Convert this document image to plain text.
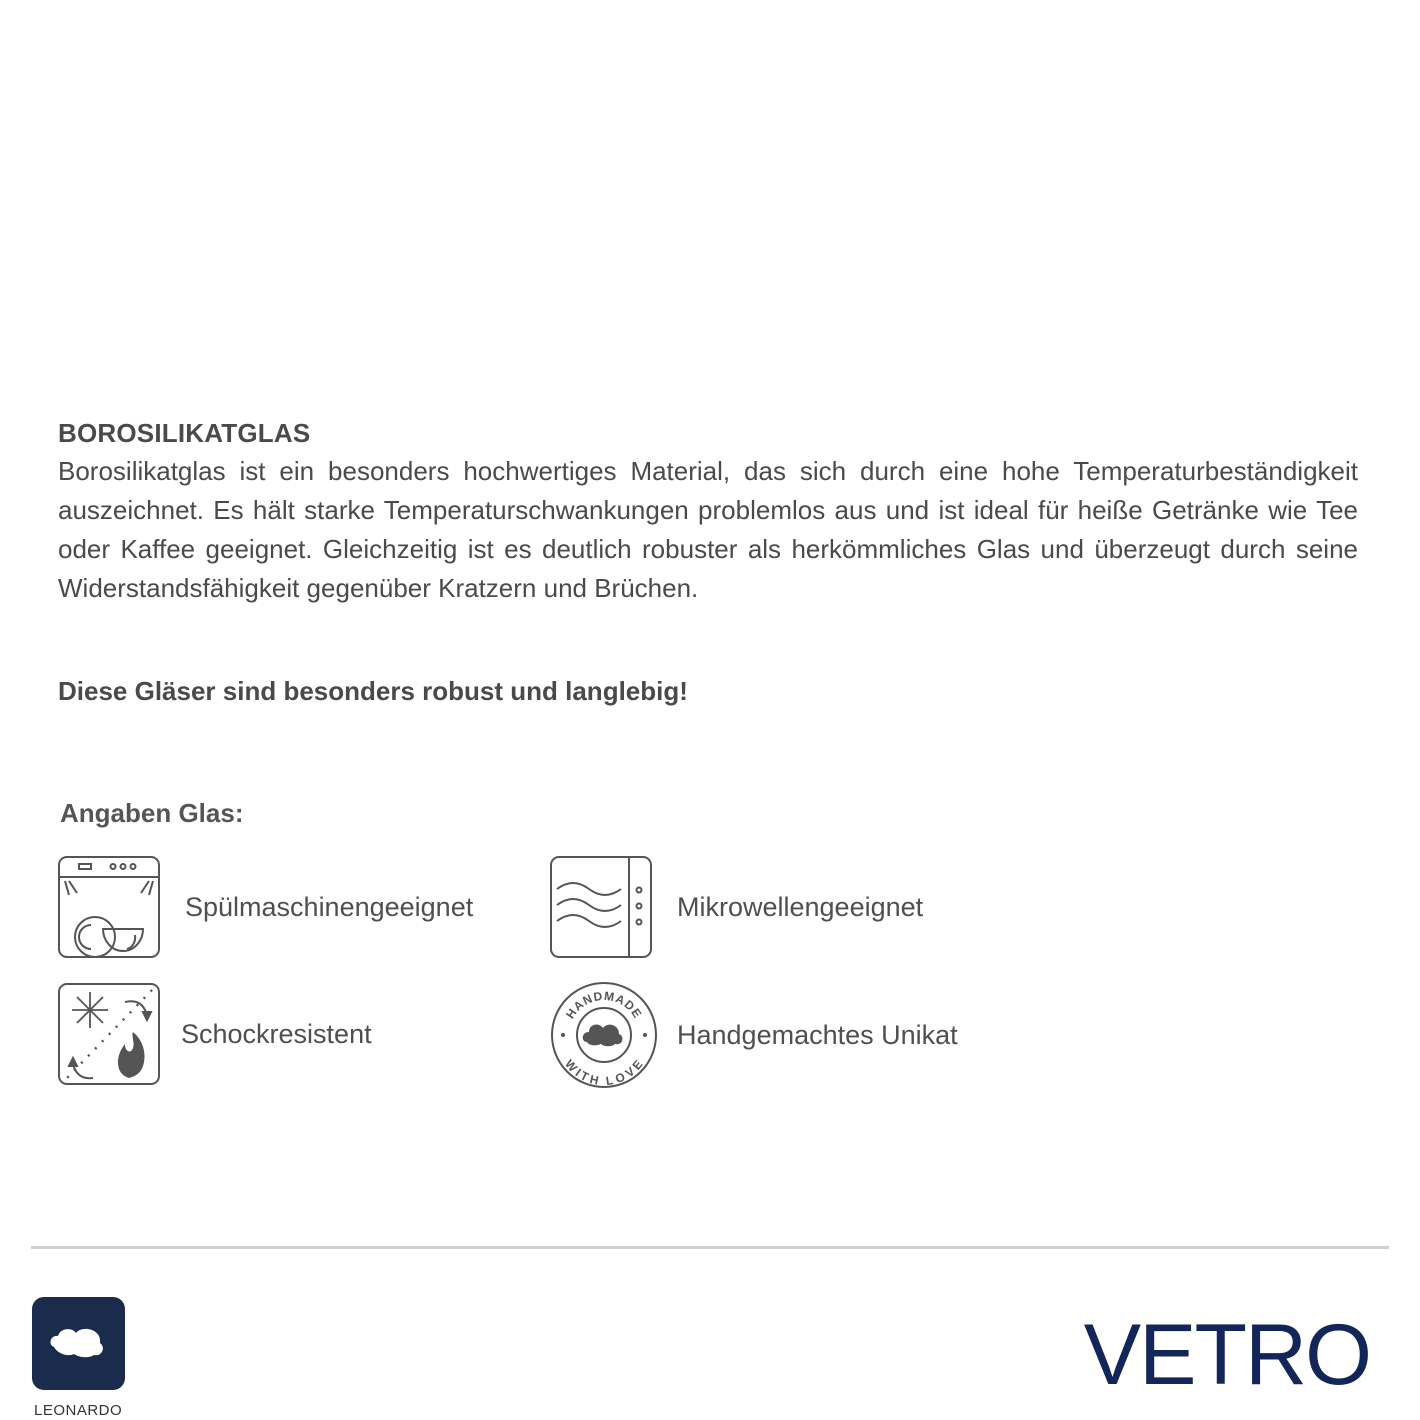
BOROSILIKATGLAS

Borosilikatglas ist ein besonders hochwertiges Material, das sich durch eine hohe Temperaturbeständigkeit auszeichnet. Es hält starke Temperaturschwankungen problemlos aus und ist ideal für heiße Getränke wie Tee oder Kaffee geeignet. Gleichzeitig ist es deutlich robuster als herkömmliches Glas und überzeugt durch seine Widerstandsfähigkeit gegenüber Kratzern und Brüchen.

Diese Gläser sind besonders robust und langlebig!
Angaben Glas:
Spülmaschinengeeignet	Mikrowellengeeignet
Schockresistent
HANDMADE
WITH LOVE
Handgemachtes Unikat
LEONARDO
VETRO
